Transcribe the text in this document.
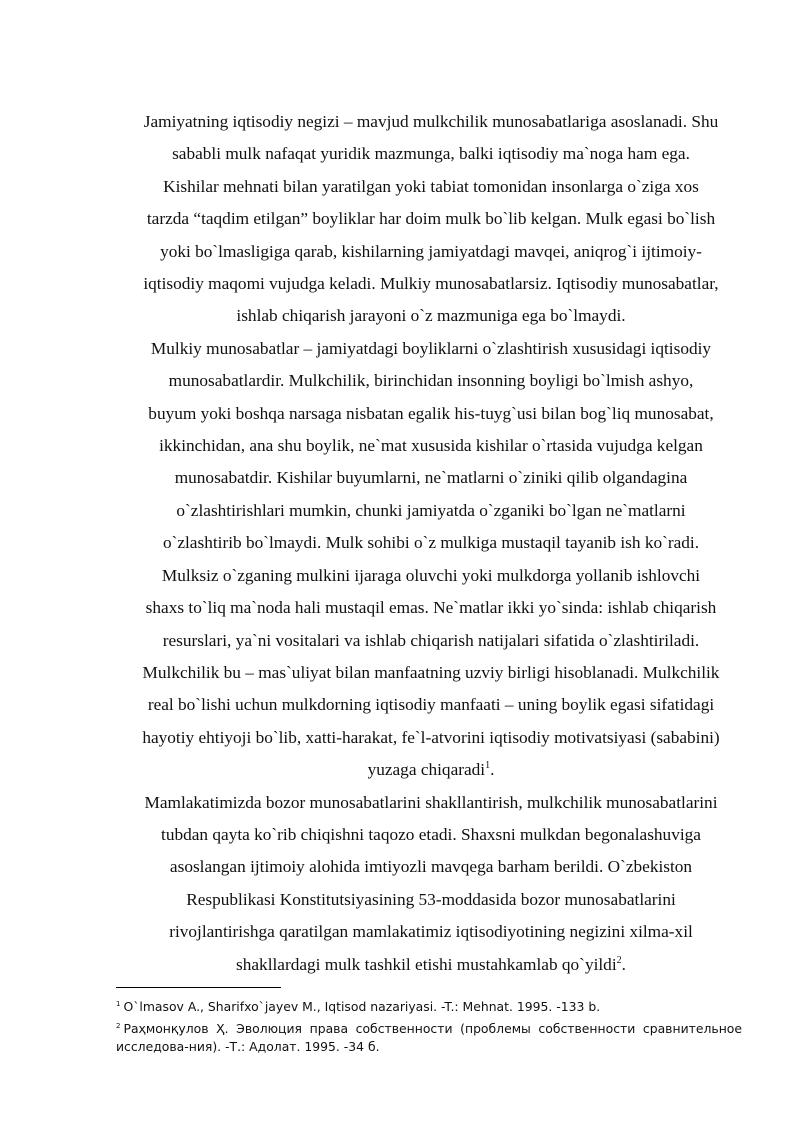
Jamiyatning iqtisodiy negizi – mavjud mulkchilik munosabatlariga asoslanadi. Shu
sababli mulk nafaqat yuridik mazmunga, balki iqtisodiy ma`noga ham ega.
Kishilar mehnati bilan yaratilgan yoki tabiat tomonidan insonlarga o`ziga xos
tarzda “taqdim etilgan” boyliklar har doim mulk bo`lib kelgan. Mulk egasi bo`lish
yoki bo`lmasligiga qarab, kishilarning jamiyatdagi mavqei, aniqrog`i ijtimoiy-
iqtisodiy maqomi vujudga keladi. Mulkiy munosabatlarsiz. Iqtisodiy munosabatlar,
ishlab chiqarish jarayoni o`z mazmuniga ega bo`lmaydi.

Mulkiy munosabatlar – jamiyatdagi boyliklarni o`zlashtirish xususidagi iqtisodiy
munosabatlardir. Mulkchilik, birinchidan insonning boyligi bo`lmish ashyo,
buyum yoki boshqa narsaga nisbatan egalik his-tuyg`usi bilan bog`liq munosabat,
ikkinchidan, ana shu boylik, ne`mat xususida kishilar o`rtasida vujudga kelgan
munosabatdir. Kishilar buyumlarni, ne`matlarni o`ziniki qilib olgandagina
o`zlashtirishlari mumkin, chunki jamiyatda o`zganiki bo`lgan ne`matlarni
o`zlashtirib bo`lmaydi. Mulk sohibi o`z mulkiga mustaqil tayanib ish ko`radi.
Mulksiz o`zganing mulkini ijaraga oluvchi yoki mulkdorga yollanib ishlovchi
shaxs to`liq ma`noda hali mustaqil emas. Ne`matlar ikki yo`sinda: ishlab chiqarish
resurslari, ya`ni vositalari va ishlab chiqarish natijalari sifatida o`zlashtiriladi.
Mulkchilik bu – mas`uliyat bilan manfaatning uzviy birligi hisoblanadi. Mulkchilik
real bo`lishi uchun mulkdorning iqtisodiy manfaati – uning boylik egasi sifatidagi
hayotiy ehtiyoji bo`lib, xatti-harakat, fe`l-atvorini iqtisodiy motivatsiyasi (sababini)
yuzaga chiqaradi$^1$.

Mamlakatimizda bozor munosabatlarini shakllantirish, mulkchilik munosabatlarini
tubdan qayta ko`rib chiqishni taqozo etadi. Shaxsni mulkdan begonalashuviga
asoslangan ijtimoiy alohida imtiyozli mavqega barham berildi. O`zbekiston
Respublikasi Konstitutsiyasining 53-moddasida bozor munosabatlarini
rivojlantirishga qaratilgan mamlakatimiz iqtisodiyotining negizini xilma-xil
shakllardagi mulk tashkil etishi mustahkamlab qo`yildi$^2$.

$^1$ O`lmasov A., Sharifxo`jayev M., Iqtisod nazariyasi. -T.: Mehnat. 1995. -133 b.

$^2$ Раҳмонқулов Ҳ. Эволюция права собственности (проблемы собственности сравнительное исследова-ния). -Т.: Адолат. 1995. -34 б.
